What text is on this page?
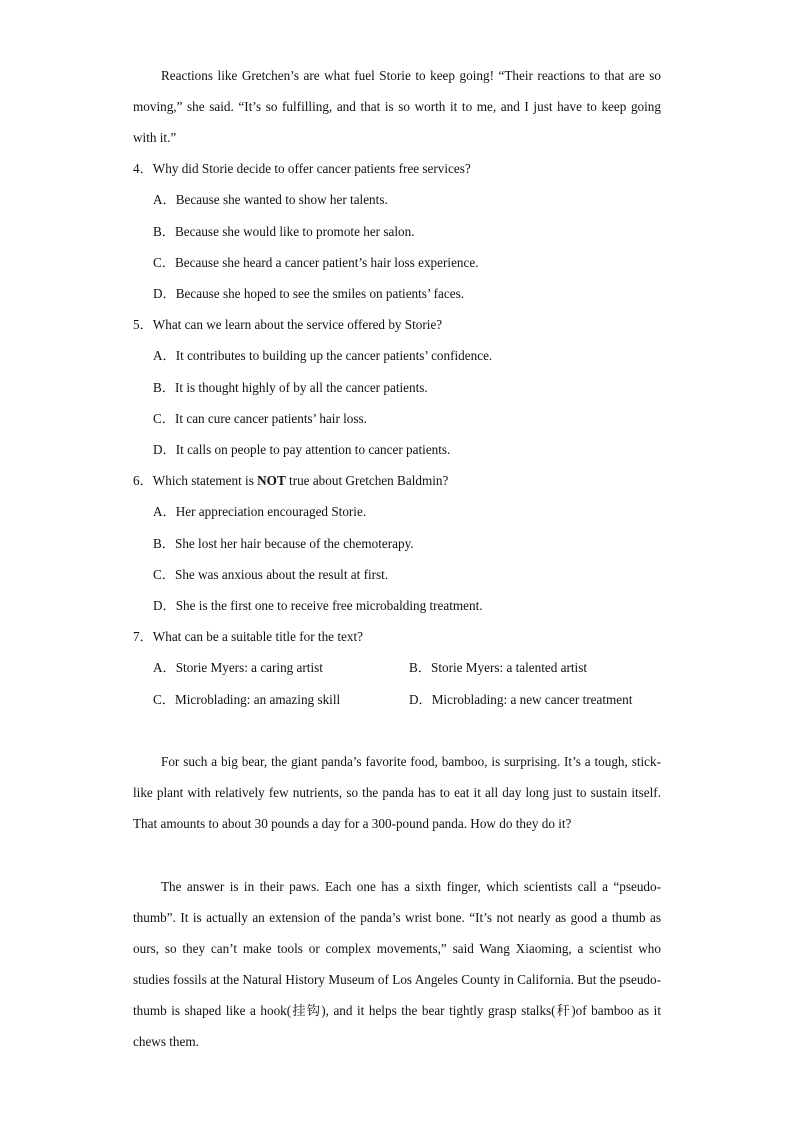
Reactions like Gretchen’s are what fuel Storie to keep going! “Their reactions to that are so moving,” she said. “It’s so fulfilling, and that is so worth it to me, and I just have to keep going with it.”

4．Why did Storie decide to offer cancer patients free services?

A．Because she wanted to show her talents.

B．Because she would like to promote her salon.

C．Because she heard a cancer patient’s hair loss experience.

D．Because she hoped to see the smiles on patients’ faces.

5．What can we learn about the service offered by Storie?

A．It contributes to building up the cancer patients’ confidence.

B．It is thought highly of by all the cancer patients.

C．It can cure cancer patients’ hair loss.

D．It calls on people to pay attention to cancer patients.

6．Which statement is NOT true about Gretchen Baldmin?

A．Her appreciation encouraged Storie.

B．She lost her hair because of the chemoterapy.

C．She was anxious about the result at first.

D．She is the first one to receive free microbalding treatment.

7．What can be a suitable title for the text?

A．Storie Myers: a caring artist	B．Storie Myers: a talented artist

C．Microblading: an amazing skill	D．Microblading: a new cancer treatment

For such a big bear, the giant panda’s favorite food, bamboo, is surprising. It’s a tough, stick-like plant with relatively few nutrients, so the panda has to eat it all day long just to sustain itself. That amounts to about 30 pounds a day for a 300-pound panda. How do they do it?

The answer is in their paws. Each one has a sixth finger, which scientists call a “pseudo-thumb”. It is actually an extension of the panda’s wrist bone. “It’s not nearly as good a thumb as ours, so they can’t make tools or complex movements,” said Wang Xiaoming, a scientist who studies fossils at the Natural History Museum of Los Angeles County in California. But the pseudo-thumb is shaped like a hook(挂钩), and it helps the bear tightly grasp stalks(秆)of bamboo as it chews them.
